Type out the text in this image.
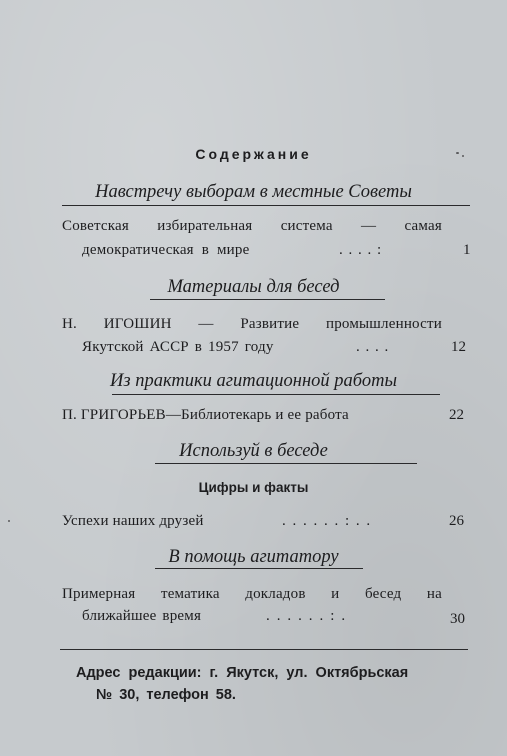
Содержание
Навстречу выборам в местные Советы
Советская избирательная система — самая
демократическая в мире	. . . . :	1
Материалы для бесед
Н. ИГОШИН — Развитие промышленности
Якутской АССР в 1957 году	. . . .	12
Из практики агитационной работы
П. ГРИГОРЬЕВ—Библиотекарь и ее работа	22
Используй в беседе
Цифры и факты
Успехи наших друзей	. . . . . . : . .	26
В помощь агитатору
Примерная тематика докладов и бесед на
ближайшее время	. . . . . . : .	30
Адрес редакции: г. Якутск, ул. Октябрьская
№ 30, телефон 58.
